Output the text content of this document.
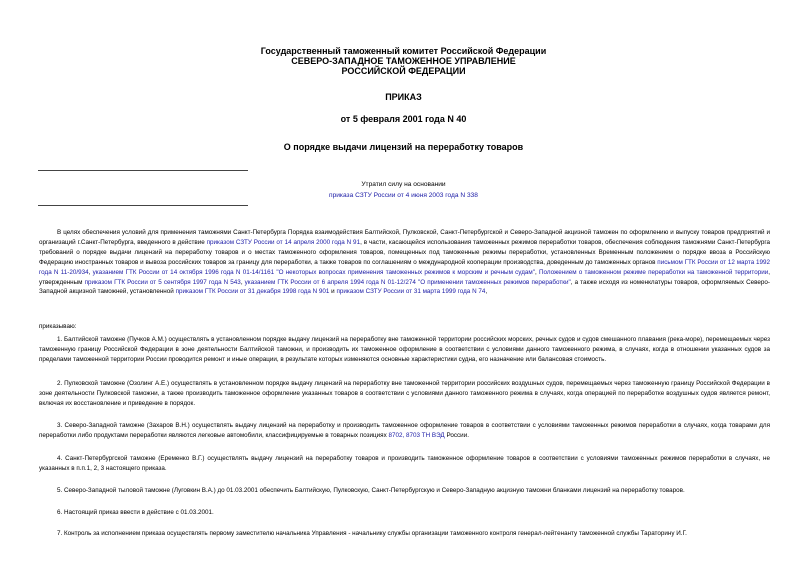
Государственный таможенный комитет Российской Федерации
СЕВЕРО-ЗАПАДНОЕ ТАМОЖЕННОЕ УПРАВЛЕНИЕ
РОССИЙСКОЙ ФЕДЕРАЦИИ
ПРИКАЗ
от 5 февраля 2001 года N 40
О порядке выдачи лицензий на переработку товаров
Утратил силу на основании
приказа СЗТУ России от 4 июня 2003 года N 338
В целях обеспечения условий для применения таможнями Санкт-Петербурга Порядка взаимодействия Балтийской, Пулковской, Санкт-Петербургской и Северо-Западной акцизной таможен по оформлению и выпуску товаров предприятий и организаций г.Санкт-Петербурга, введенного в действие приказом СЗТУ России от 14 апреля 2000 года N 91, в части, касающейся использования таможенных режимов переработки товаров, обеспечения соблюдения таможнями Санкт-Петербурга требований о порядке выдачи лицензий на переработку товаров и о местах таможенного оформления товаров, помещенных под таможенные режимы переработки, установленных Временным положением о порядке ввоза в Российскую Федерацию иностранных товаров и вывоза российских товаров за границу для переработки, а также товаров по соглашениям о международной кооперации производства, доведенным до таможенных органов письмом ГТК России от 12 марта 1992 года N 11-20/934, указанием ГТК России от 14 октября 1996 года N 01-14/1161 "О некоторых вопросах применения таможенных режимов к морским и речным судам", Положением о таможенном режиме переработки на таможенной территории, утвержденным приказом ГТК России от 5 сентября 1997 года N 543, указанием ГТК России от 6 апреля 1994 года N 01-12/274 "О применении таможенных режимов переработки", а также исходя из номенклатуры товаров, оформляемых Северо-Западной акцизной таможней, установленной приказом ГТК России от 31 декабря 1998 года N 901 и приказом СЗТУ России от 31 марта 1999 года N 74,
приказываю:
1. Балтийской таможне (Пучков А.М.) осуществлять в установленном порядке выдачу лицензий на переработку вне таможенной территории российских морских, речных судов и судов смешанного плавания (река-море), перемещаемых через таможенную границу Российской Федерации в зоне деятельности Балтийской таможни, и производить их таможенное оформление в соответствии с условиями данного таможенного режима, в случаях, когда в отношении указанных судов за пределами таможенной территории России проводится ремонт и иные операции, в результате которых изменяются основные характеристики судна, его назначение или балансовая стоимость.
2. Пулковской таможне (Озолинг А.Е.) осуществлять в установленном порядке выдачу лицензий на переработку вне таможенной территории российских воздушных судов, перемещаемых через таможенную границу Российской Федерации в зоне деятельности Пулковской таможни, а также производить таможенное оформление указанных товаров в соответствии с условиями данного таможенного режима в случаях, когда операцией по переработке воздушных судов является ремонт, включая их восстановление и приведение в порядок.
3. Северо-Западной таможне (Захаров В.Н.) осуществлять выдачу лицензий на переработку и производить таможенное оформление товаров в соответствии с условиями таможенных режимов переработки в случаях, когда товарами для переработки либо продуктами переработки являются легковые автомобили, классифицируемые в товарных позициях 8702, 8703 ТН ВЭД России.
4. Санкт-Петербургской таможне (Еременко В.Г.) осуществлять выдачу лицензий на переработку товаров и производить таможенное оформление товаров в соответствии с условиями таможенных режимов переработки в случаях, не указанных в п.п.1, 2, 3 настоящего приказа.
5. Северо-Западной тыловой таможне (Луговкин В.А.) до 01.03.2001 обеспечить Балтийскую, Пулковскую, Санкт-Петербургскую и Северо-Западную акцизную таможни бланками лицензий на переработку товаров.
6. Настоящий приказ ввести в действие с 01.03.2001.
7. Контроль за исполнением приказа осуществлять первому заместителю начальника Управления - начальнику службы организации таможенного контроля генерал-лейтенанту таможенной службы Тараторину И.Г.
